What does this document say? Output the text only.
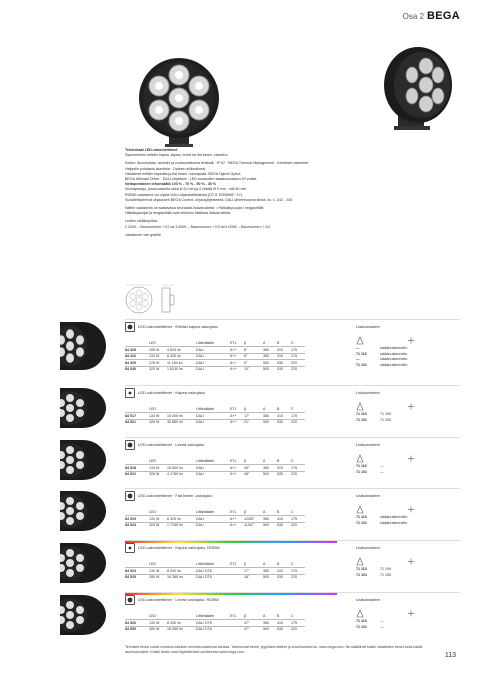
Osa 2 BEGA

Teholokaat LED-valonheittimet

Symmetrinen erittäin kapea, kapea, leveä tai flat beam -valoteho

Kotelo: Alumiinivalu, alumiini ja ruostumattomia teräksiä · IP 67 · BEGA Thermal Management · Kierteiset rakenteet

Heijastin puhdasta alumiinia · Optinen silikonilinssi

Valaisimet erittäin kapealla ja flat beam -valonjaolla: BEGA Hybrid Optics

BEGA Ultimate Driver · DALI-ohjattava · LED-moduulien saatavuustakuu 20 vuotta

Nettoportainen tehonsäätö 100 % - 70 % - 50 % - 30 %

Kiinnityssarja, jossa kaarella sekä Ø 22 mm ja 2 reikää Ø 9 mm · väli 80 mm

RGBW-valaisimia voi ohjata DALI-ohjauslaitteistolla (DT 8, RGBWAF, XY).

Suositeltavimmat ohjauksen BEGA Control -ohjausjärjestelmä. DALI-yhteensopiva tiedot, ks. s. 242 - 245.

Näihin valaisimiin on saatavissa seuraavia lisävarusteita: • Häikäisysuojat • rengasritilät

Häikäisysuojat ja rengasritilät ovat erikseen tilattavia lisävarusteita.

Ledien värilämpötila:

2 200K – Bauenumero + K2 tai 3 000K – Bauenumero + K3 tai 4 000K – Bauenumero + K4

Valaisimen väri grafiitti

LED-valonheittimet · Erittäin kapea valonjako	Lisävarusteet
	LED		Liitäntälaite	ETL	β	A	B	C
84 328	108 W	4 615 lm	DALI	A++	8°	380	410	175
84 416	134 W	8 435 lm	DALI	A++	8°	380	410	175
84 329	278 W	11 180 lm	DALI	A++	9°	500	530	220
84 330	323 W	1 8130 lm	DALI	A++	10°	500	530	220
—	sisäänrakennettu
71 110	sisäänrakennettu
—	sisäänrakennettu
71 101	sisäänrakennettu
LED-valonheittimet · Kapea valonjako	Lisävarusteet
	LED		Liitäntälaite	ETL	β	A	B	C
84 517	134 W	15 005 lm	DALI	A++	17°	380	410	175
84 521	326 W	40 880 lm	DALI	A++	21°	500	530	220
71 110	71 109
71 101	71 105
LED-valonheittimet · Leveä valonjako	Lisävarusteet
	LED		Liitäntälaite	ETL	β	A	B	C
84 518	134 W	15 500 lm	DALI	A++	45°	380	410	175
84 522	328 W	4 1780 lm	DALI	A++	46°	500	530	220
71 110	—
71 101	—
LED-valonheittimet · Flat beam -valonjako	Lisävarusteet
	LED		Liitäntälaite	ETL	β	A	B	C
84 519	134 W	8 425 lm	DALI	A++	12/55°	380	410	175
84 523	323 W	1 7150 lm	DALI	A++	11/62°	500	530	220
71 110	sisäänrakennettu
71 101	sisäänrakennettu
LED-valonheittimet · Kapea valonjako, RGBW	Lisävarusteet
	LED		Liitäntälaite	ETL	β	A	B	C
84 524	130 W	8 340 lm	DALI DT8		17°	380	410	175
84 525	280 W	16 385 lm	DALI DT8		18°	500	530	220
71 110	71 109
71 101	71 105
LED-valonheittimet · Leveä valonjako, RGBW	Lisävarusteet
	LED		Liitäntälaite	ETL	β	A	B	C
84 526	130 W	8 335 lm	DALI DT8		47°	380	410	175
84 530	280 W	16 050 lm	DALI DT8		47°	500	530	220
71 110	—
71 101	—
Tehnisiet tiedot voivat muuttua kaikkien ominaisuuksiensa kanssa. Tarkemmat tiedot, tyypilliset laitteet ja sovellutukset ks. www.bega.com. Ne sisältävät kaikki valaisinten tiedot sekä kaikki asennusohjeet. Kaikki tiedot ovat käytettävissä osoitteessa www.bega.com.	113
